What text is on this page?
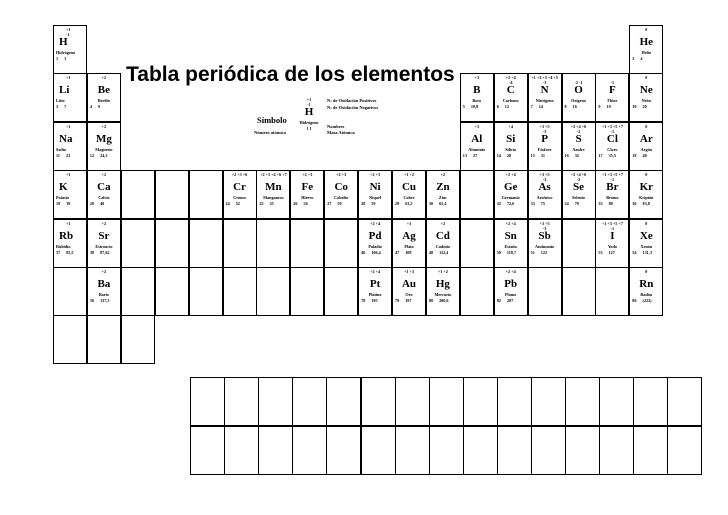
+1
-1
H
Hidrógeno
1 1
0
He
Helio
2 4
+1
Li
Litio
3 7
+2
Be
Berilio
4 9
+3
B
Boro
5 10,8
+2 +4
-4
C
Carbono
6 12
+1 +2 +3 +4 +5
-3
N
Nitrógeno
7 14
-2 -1
O
Oxígeno
8 16
-1
F
Flúor
9 19
0
Ne
Neón
10 20
+1
Na
Sodio
11 23
+2
Mg
Magnesio
12 24,3
+3
Al
Aluminio
13 27
+4
Si
Silicio
14 28
+3 +5
-3
P
Fósforo
15 31
+2 +4 +6
-2
S
Azufre
16 32
+1 +3 +5 +7
-1
Cl
Cloro
17 35,5
0
Ar
Argón
18 40
+1
K
Potasio
19 39
+2
Ca
Calcio
20 40
+2 +3 +6
Cr
Cromo
24 52
+2 +3 +4 +6 +7
Mn
Manganeso
25 55
+2 +3
Fe
Hierro
26 56
+2 +3
Co
Cobalto
27 59
+2 +3
Ni
Níquel
28 59
+1 +2
Cu
Cobre
29 63,5
+2
Zn
Zinc
30 65,4
+2 +4
Ge
Germanio
32 72,6
+3 +5
-3
As
Arsénico
33 75
+2 +4 +6
-2
Se
Selenio
34 79
+1 +3 +5 +7
-1
Br
Bromo
35 80
0
Kr
Kriptón
36 83,8
+1
Rb
Rubidio
37 85,5
+2
Sr
Estroncio
38 87,62
+2 +4
Pd
Paladio
46 106,4
+1
Ag
Plata
47 108
+2
Cd
Cadmio
48 112,4
+2 +4
Sn
Estaño
50 118,7
+3 +5
-3
Sb
Antimonio
51 122
+1 +3 +5 +7
-1
I
Yodo
53 127
0
Xe
Xenón
54 131,3
+2
Ba
Bario
56 137,3
+2 +4
Pt
Platino
78 195
+1 +3
Au
Oro
79 197
+1 +2
Hg
Mercurio
80 200,6
+2 +4
Pb
Plomo
82 207
0
Rn
Radón
86 (222)
+1
-1
H
Hidrógeno
1 1
Tabla periódica de los elementos
Símbolo
Número atómico
N: de Oxidación Positivos
N: de Oxidación Negativos
Nombres
Masa Atómica
